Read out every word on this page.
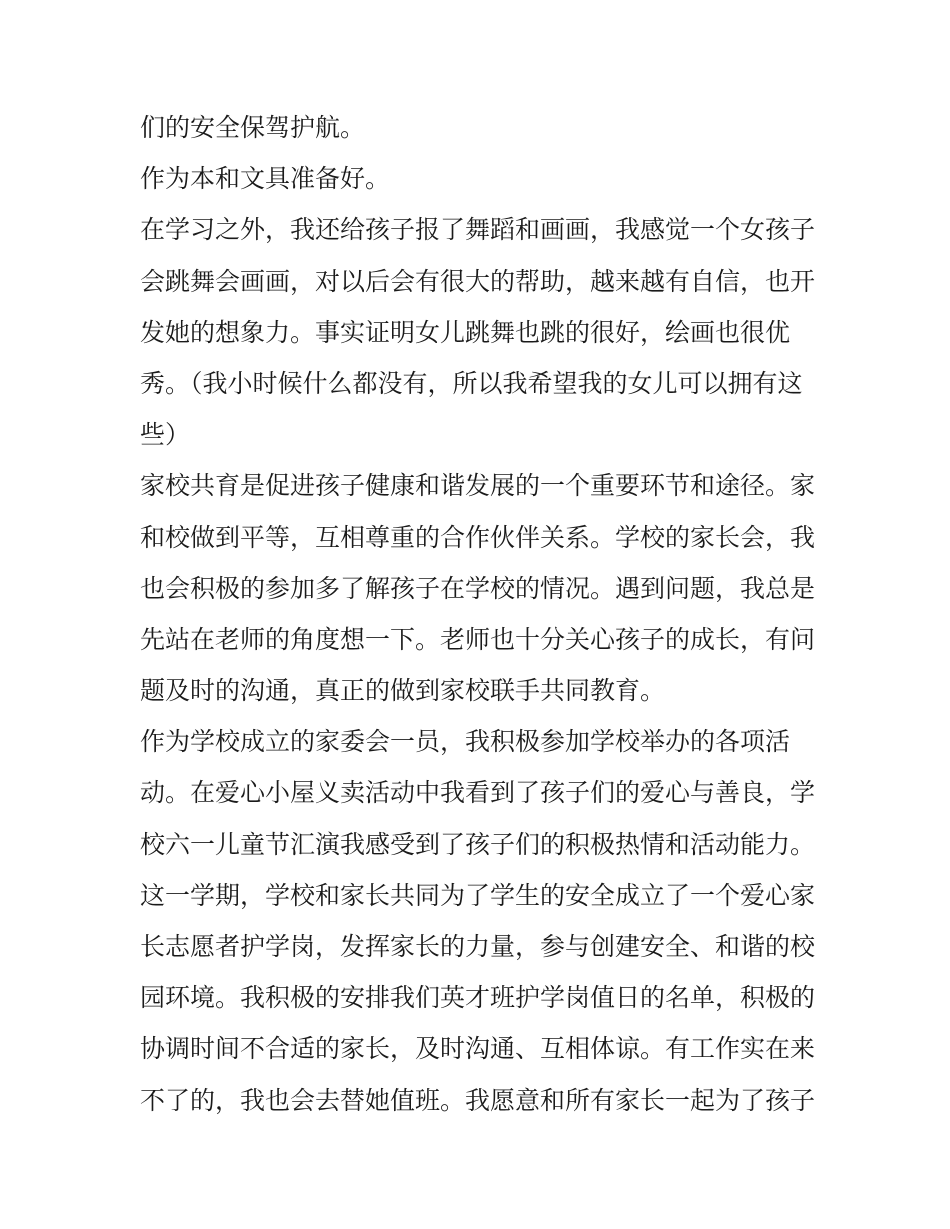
们的安全保驾护航。
作为本和文具准备好。
在学习之外，我还给孩子报了舞蹈和画画，我感觉一个女孩子
会跳舞会画画，对以后会有很大的帮助，越来越有自信，也开
发她的想象力。事实证明女儿跳舞也跳的很好，绘画也很优
秀。（我小时候什么都没有，所以我希望我的女儿可以拥有这
些）
家校共育是促进孩子健康和谐发展的一个重要环节和途径。家
和校做到平等，互相尊重的合作伙伴关系。学校的家长会，我
也会积极的参加多了解孩子在学校的情况。遇到问题，我总是
先站在老师的角度想一下。老师也十分关心孩子的成长，有问
题及时的沟通，真正的做到家校联手共同教育。
作为学校成立的家委会一员，我积极参加学校举办的各项活
动。在爱心小屋义卖活动中我看到了孩子们的爱心与善良，学
校六一儿童节汇演我感受到了孩子们的积极热情和活动能力。
这一学期，学校和家长共同为了学生的安全成立了一个爱心家
长志愿者护学岗，发挥家长的力量，参与创建安全、和谐的校
园环境。我积极的安排我们英才班护学岗值日的名单，积极的
协调时间不合适的家长，及时沟通、互相体谅。有工作实在来
不了的，我也会去替她值班。我愿意和所有家长一起为了孩子
